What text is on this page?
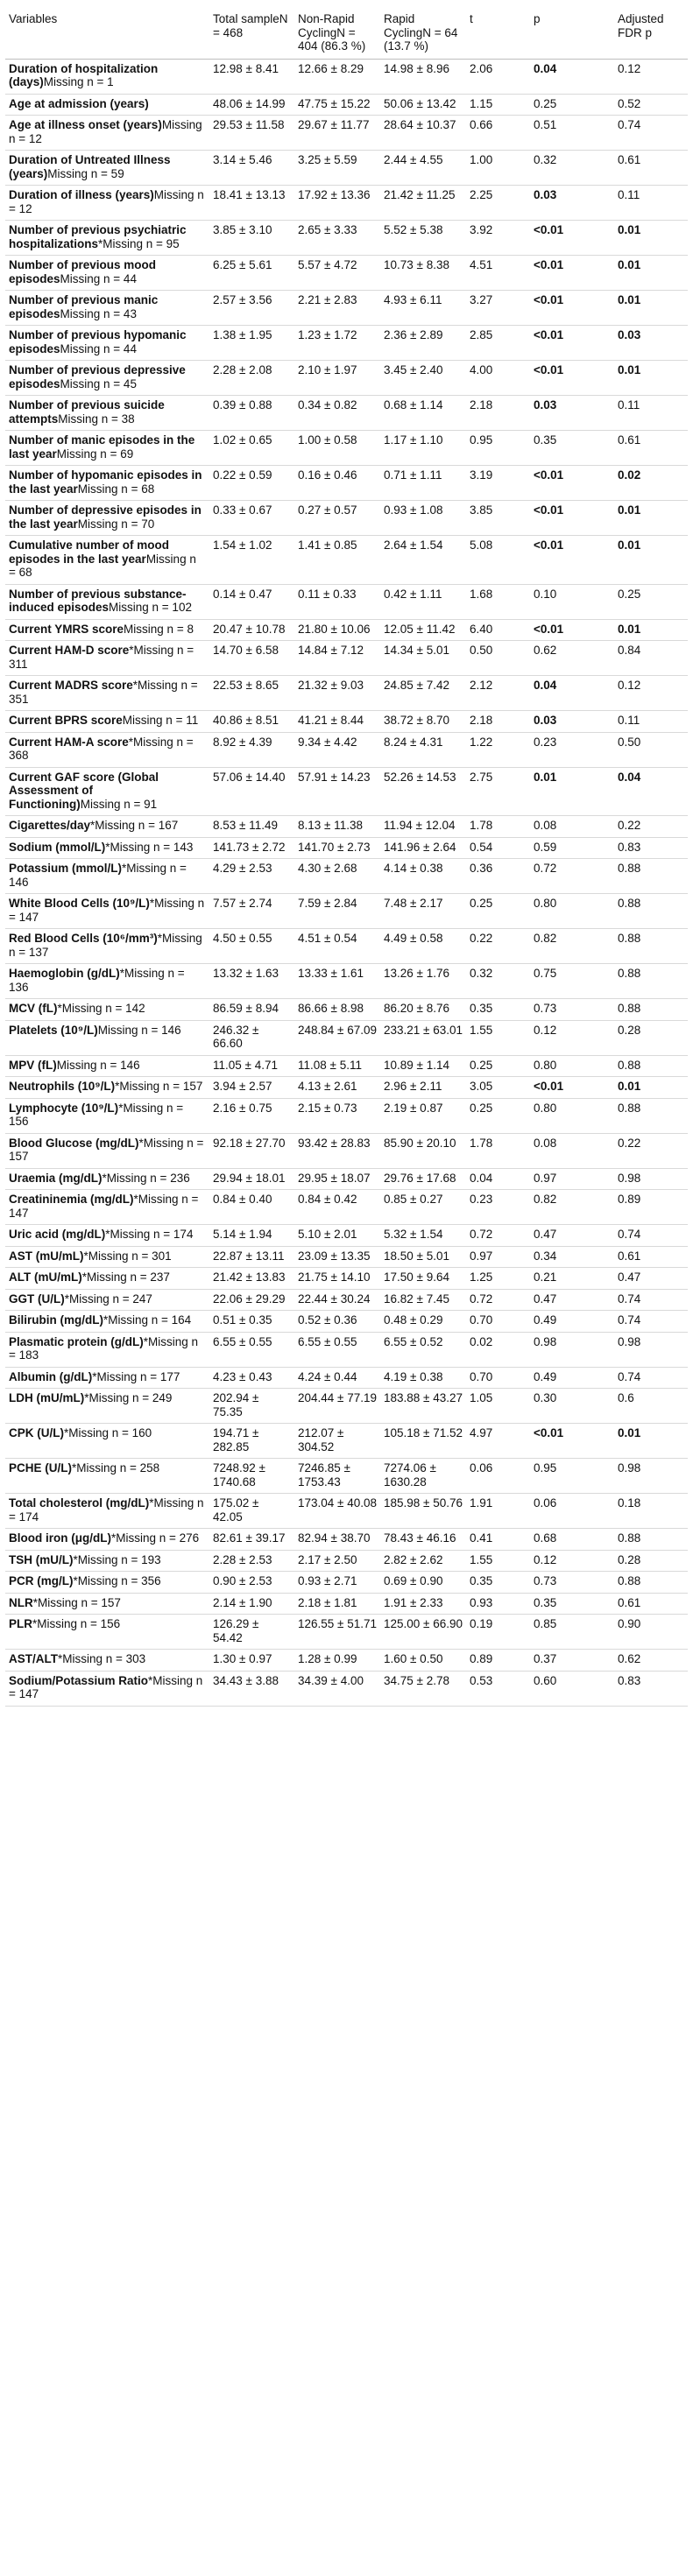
Variables	Total sampleN = 468	Non-Rapid CyclingN = 404 (86.3 %)	Rapid CyclingN = 64 (13.7 %)	t	p	Adjusted FDR p
Duration of hospitalization (days)Missing n = 1	12.98 ± 8.41	12.66 ± 8.29	14.98 ± 8.96	2.06	0.04	0.12
Age at admission (years)	48.06 ± 14.99	47.75 ± 15.22	50.06 ± 13.42	1.15	0.25	0.52
Age at illness onset (years)Missing n = 12	29.53 ± 11.58	29.67 ± 11.77	28.64 ± 10.37	0.66	0.51	0.74
Duration of Untreated Illness (years)Missing n = 59	3.14 ± 5.46	3.25 ± 5.59	2.44 ± 4.55	1.00	0.32	0.61
Duration of illness (years)Missing n = 12	18.41 ± 13.13	17.92 ± 13.36	21.42 ± 11.25	2.25	0.03	0.11
Number of previous psychiatric hospitalizations*Missing n = 95	3.85 ± 3.10	2.65 ± 3.33	5.52 ± 5.38	3.92	<0.01	0.01
Number of previous mood episodesMissing n = 44	6.25 ± 5.61	5.57 ± 4.72	10.73 ± 8.38	4.51	<0.01	0.01
Number of previous manic episodesMissing n = 43	2.57 ± 3.56	2.21 ± 2.83	4.93 ± 6.11	3.27	<0.01	0.01
Number of previous hypomanic episodesMissing n = 44	1.38 ± 1.95	1.23 ± 1.72	2.36 ± 2.89	2.85	<0.01	0.03
Number of previous depressive episodesMissing n = 45	2.28 ± 2.08	2.10 ± 1.97	3.45 ± 2.40	4.00	<0.01	0.01
Number of previous suicide attemptsMissing n = 38	0.39 ± 0.88	0.34 ± 0.82	0.68 ± 1.14	2.18	0.03	0.11
Number of manic episodes in the last yearMissing n = 69	1.02 ± 0.65	1.00 ± 0.58	1.17 ± 1.10	0.95	0.35	0.61
Number of hypomanic episodes in the last yearMissing n = 68	0.22 ± 0.59	0.16 ± 0.46	0.71 ± 1.11	3.19	<0.01	0.02
Number of depressive episodes in the last yearMissing n = 70	0.33 ± 0.67	0.27 ± 0.57	0.93 ± 1.08	3.85	<0.01	0.01
Cumulative number of mood episodes in the last yearMissing n = 68	1.54 ± 1.02	1.41 ± 0.85	2.64 ± 1.54	5.08	<0.01	0.01
Number of previous substance-induced episodesMissing n = 102	0.14 ± 0.47	0.11 ± 0.33	0.42 ± 1.11	1.68	0.10	0.25
Current YMRS scoreMissing n = 8	20.47 ± 10.78	21.80 ± 10.06	12.05 ± 11.42	6.40	<0.01	0.01
Current HAM-D score*Missing n = 311	14.70 ± 6.58	14.84 ± 7.12	14.34 ± 5.01	0.50	0.62	0.84
Current MADRS score*Missing n = 351	22.53 ± 8.65	21.32 ± 9.03	24.85 ± 7.42	2.12	0.04	0.12
Current BPRS scoreMissing n = 11	40.86 ± 8.51	41.21 ± 8.44	38.72 ± 8.70	2.18	0.03	0.11
Current HAM-A score*Missing n = 368	8.92 ± 4.39	9.34 ± 4.42	8.24 ± 4.31	1.22	0.23	0.50
Current GAF score (Global Assessment of Functioning)Missing n = 91	57.06 ± 14.40	57.91 ± 14.23	52.26 ± 14.53	2.75	0.01	0.04
Cigarettes/day*Missing n = 167	8.53 ± 11.49	8.13 ± 11.38	11.94 ± 12.04	1.78	0.08	0.22
Sodium (mmol/L)*Missing n = 143	141.73 ± 2.72	141.70 ± 2.73	141.96 ± 2.64	0.54	0.59	0.83
Potassium (mmol/L)*Missing n = 146	4.29 ± 2.53	4.30 ± 2.68	4.14 ± 0.38	0.36	0.72	0.88
White Blood Cells (10⁹/L)*Missing n = 147	7.57 ± 2.74	7.59 ± 2.84	7.48 ± 2.17	0.25	0.80	0.88
Red Blood Cells (10⁶/mm³)*Missing n = 137	4.50 ± 0.55	4.51 ± 0.54	4.49 ± 0.58	0.22	0.82	0.88
Haemoglobin (g/dL)*Missing n = 136	13.32 ± 1.63	13.33 ± 1.61	13.26 ± 1.76	0.32	0.75	0.88
MCV (fL)*Missing n = 142	86.59 ± 8.94	86.66 ± 8.98	86.20 ± 8.76	0.35	0.73	0.88
Platelets (10⁹/L)Missing n = 146	246.32 ± 66.60	248.84 ± 67.09	233.21 ± 63.01	1.55	0.12	0.28
MPV (fL)Missing n = 146	11.05 ± 4.71	11.08 ± 5.11	10.89 ± 1.14	0.25	0.80	0.88
Neutrophils (10⁹/L)*Missing n = 157	3.94 ± 2.57	4.13 ± 2.61	2.96 ± 2.11	3.05	<0.01	0.01
Lymphocyte (10⁹/L)*Missing n = 156	2.16 ± 0.75	2.15 ± 0.73	2.19 ± 0.87	0.25	0.80	0.88
Blood Glucose (mg/dL)*Missing n = 157	92.18 ± 27.70	93.42 ± 28.83	85.90 ± 20.10	1.78	0.08	0.22
Uraemia (mg/dL)*Missing n = 236	29.94 ± 18.01	29.95 ± 18.07	29.76 ± 17.68	0.04	0.97	0.98
Creatininemia (mg/dL)*Missing n = 147	0.84 ± 0.40	0.84 ± 0.42	0.85 ± 0.27	0.23	0.82	0.89
Uric acid (mg/dL)*Missing n = 174	5.14 ± 1.94	5.10 ± 2.01	5.32 ± 1.54	0.72	0.47	0.74
AST (mU/mL)*Missing n = 301	22.87 ± 13.11	23.09 ± 13.35	18.50 ± 5.01	0.97	0.34	0.61
ALT (mU/mL)*Missing n = 237	21.42 ± 13.83	21.75 ± 14.10	17.50 ± 9.64	1.25	0.21	0.47
GGT (U/L)*Missing n = 247	22.06 ± 29.29	22.44 ± 30.24	16.82 ± 7.45	0.72	0.47	0.74
Bilirubin (mg/dL)*Missing n = 164	0.51 ± 0.35	0.52 ± 0.36	0.48 ± 0.29	0.70	0.49	0.74
Plasmatic protein (g/dL)*Missing n = 183	6.55 ± 0.55	6.55 ± 0.55	6.55 ± 0.52	0.02	0.98	0.98
Albumin (g/dL)*Missing n = 177	4.23 ± 0.43	4.24 ± 0.44	4.19 ± 0.38	0.70	0.49	0.74
LDH (mU/mL)*Missing n = 249	202.94 ± 75.35	204.44 ± 77.19	183.88 ± 43.27	1.05	0.30	0.6
CPK (U/L)*Missing n = 160	194.71 ± 282.85	212.07 ± 304.52	105.18 ± 71.52	4.97	<0.01	0.01
PCHE (U/L)*Missing n = 258	7248.92 ± 1740.68	7246.85 ± 1753.43	7274.06 ± 1630.28	0.06	0.95	0.98
Total cholesterol (mg/dL)*Missing n = 174	175.02 ± 42.05	173.04 ± 40.08	185.98 ± 50.76	1.91	0.06	0.18
Blood iron (μg/dL)*Missing n = 276	82.61 ± 39.17	82.94 ± 38.70	78.43 ± 46.16	0.41	0.68	0.88
TSH (mU/L)*Missing n = 193	2.28 ± 2.53	2.17 ± 2.50	2.82 ± 2.62	1.55	0.12	0.28
PCR (mg/L)*Missing n = 356	0.90 ± 2.53	0.93 ± 2.71	0.69 ± 0.90	0.35	0.73	0.88
NLR*Missing n = 157	2.14 ± 1.90	2.18 ± 1.81	1.91 ± 2.33	0.93	0.35	0.61
PLR*Missing n = 156	126.29 ± 54.42	126.55 ± 51.71	125.00 ± 66.90	0.19	0.85	0.90
AST/ALT*Missing n = 303	1.30 ± 0.97	1.28 ± 0.99	1.60 ± 0.50	0.89	0.37	0.62
Sodium/Potassium Ratio*Missing n = 147	34.43 ± 3.88	34.39 ± 4.00	34.75 ± 2.78	0.53	0.60	0.83
